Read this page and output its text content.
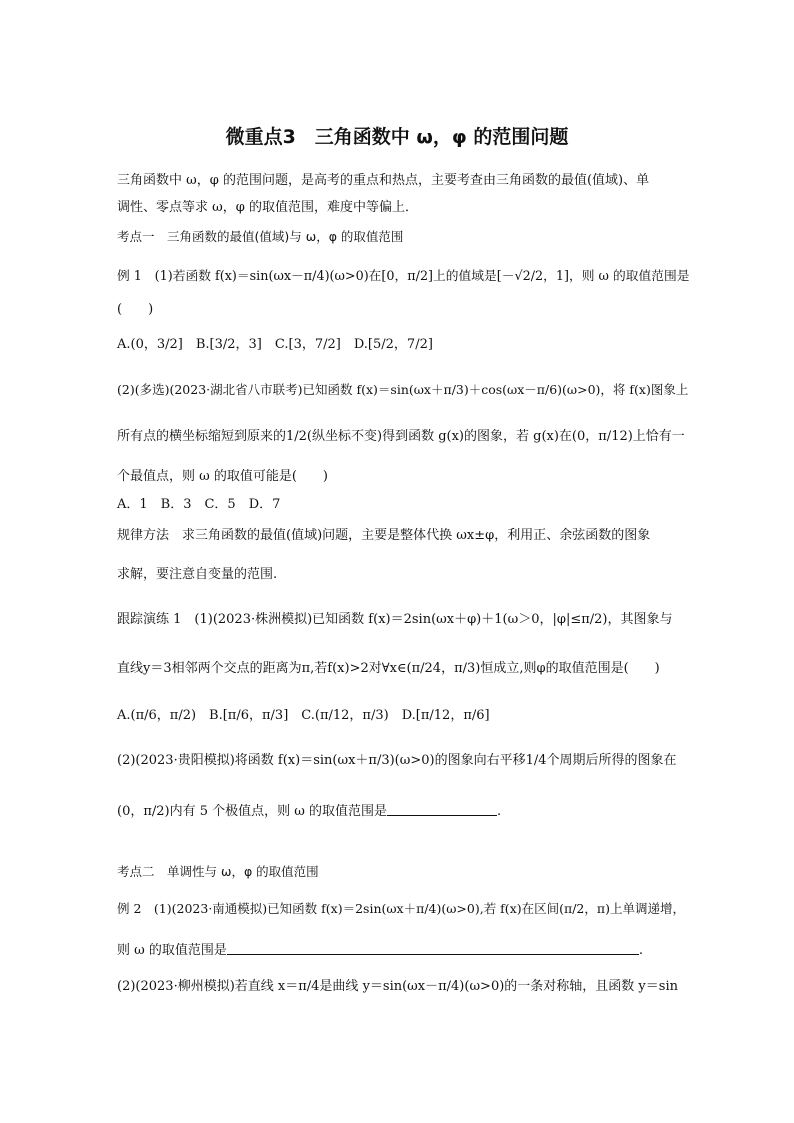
微重点3　三角函数中 ω，φ 的范围问题
三角函数中 ω，φ 的范围问题，是高考的重点和热点，主要考查由三角函数的最值(值域)、单
调性、零点等求 ω，φ 的取值范围，难度中等偏上．
考点一　三角函数的最值(值域)与 ω，φ 的取值范围
例 1　(1)若函数 f(x)＝sin(ωx－π/4)(ω>0)在[0，π/2]上的值域是[－√2/2，1]，则 ω 的取值范围是
(　　)
A.(0，3/2]　B.[3/2，3]　C.[3，7/2]　D.[5/2，7/2]
(2)(多选)(2023·湖北省八市联考)已知函数 f(x)＝sin(ωx＋π/3)＋cos(ωx－π/6)(ω>0)，将 f(x)图象上
所有点的横坐标缩短到原来的1/2(纵坐标不变)得到函数 g(x)的图象，若 g(x)在(0，π/12)上恰有一
个最值点，则 ω 的取值可能是(　　)
A．1　B．3　C．5　D．7
规律方法　求三角函数的最值(值域)问题，主要是整体代换 ωx±φ，利用正、余弦函数的图象
求解，要注意自变量的范围.
跟踪演练 1　(1)(2023·株洲模拟)已知函数 f(x)＝2sin(ωx＋φ)＋1(ω＞0，|φ|≤π/2)，其图象与
直线y＝3相邻两个交点的距离为π,若f(x)>2对∀x∈(π/24，π/3)恒成立,则φ的取值范围是(　　)
A.(π/6，π/2)　B.[π/6，π/3]　C.(π/12，π/3)　D.[π/12，π/6]
(2)(2023·贵阳模拟)将函数 f(x)＝sin(ωx＋π/3)(ω>0)的图象向右平移1/4个周期后所得的图象在
(0，π/2)内有 5 个极值点，则 ω 的取值范围是	.
考点二　单调性与 ω，φ 的取值范围
例 2　(1)(2023·南通模拟)已知函数 f(x)＝2sin(ωx＋π/4)(ω>0),若 f(x)在区间(π/2，π)上单调递增，
则 ω 的取值范围是	.
(2)(2023·柳州模拟)若直线 x＝π/4是曲线 y＝sin(ωx－π/4)(ω>0)的一条对称轴，且函数 y＝sin
